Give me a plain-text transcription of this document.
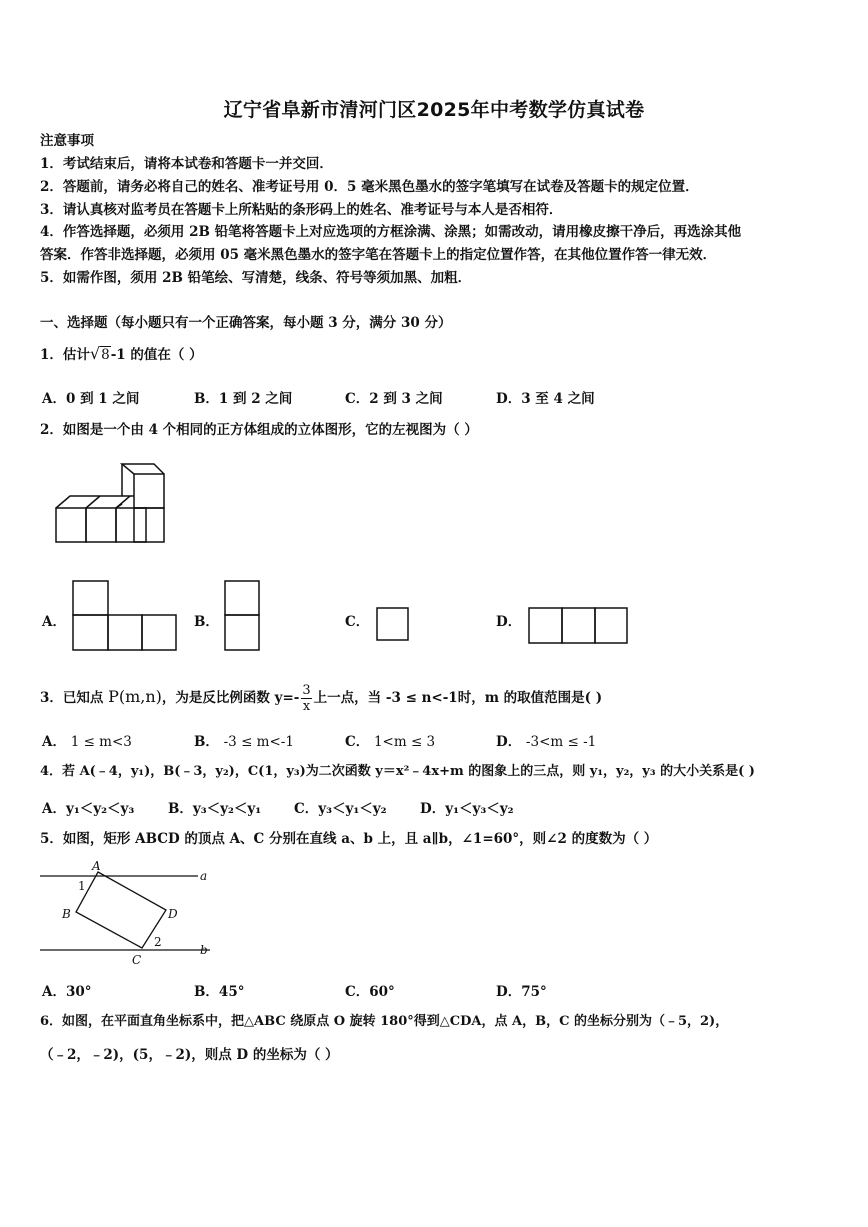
辽宁省阜新市清河门区2025年中考数学仿真试卷
注意事项
1．考试结束后，请将本试卷和答题卡一并交回．
2．答题前，请务必将自己的姓名、准考证号用 0．5 毫米黑色墨水的签字笔填写在试卷及答题卡的规定位置．
3．请认真核对监考员在答题卡上所粘贴的条形码上的姓名、准考证号与本人是否相符．
4．作答选择题，必须用 2B 铅笔将答题卡上对应选项的方框涂满、涂黑；如需改动，请用橡皮擦干净后，再选涂其他
答案．作答非选择题，必须用 05 毫米黑色墨水的签字笔在答题卡上的指定位置作答，在其他位置作答一律无效．
5．如需作图，须用 2B 铅笔绘、写清楚，线条、符号等须加黑、加粗．
一、选择题（每小题只有一个正确答案，每小题 3 分，满分 30 分）
1．估计√8-1 的值在（ ）
A．0 到 1 之间	B．1 到 2 之间	C．2 到 3 之间	D．3 至 4 之间
2．如图是一个由 4 个相同的正方体组成的立体图形，它的左视图为（ ）
A．	B．	C．	D．
3．已知点 P(m,n)，为是反比例函数 $y=- \frac{3}{x}$ 上一点，当 -3 ≤ n<-1时，m 的取值范围是( )
A． 1 ≤ m<3	B． -3 ≤ m<-1	C． 1<m ≤ 3	D． -3<m ≤ -1
4．若 A(﹣4，y₁)，B(﹣3，y₂)，C(1，y₃)为二次函数 y＝x²﹣4x+m 的图象上的三点，则 y₁，y₂，y₃ 的大小关系是( )
A．y₁＜y₂＜y₃ B．y₃＜y₂＜y₁ C．y₃＜y₁＜y₂ D．y₁＜y₃＜y₂
5．如图，矩形 ABCD 的顶点 A、C 分别在直线 a、b 上，且 a∥b，∠1=60°，则∠2 的度数为（ ）
A
B
C
D
a
b
1
2
A．30°	B．45°	C．60°	D．75°
6．如图，在平面直角坐标系中，把△ABC 绕原点 O 旋转 180°得到△CDA，点 A，B，C 的坐标分别为（﹣5，2)，
（﹣2，﹣2)，(5，﹣2)，则点 D 的坐标为（ ）
